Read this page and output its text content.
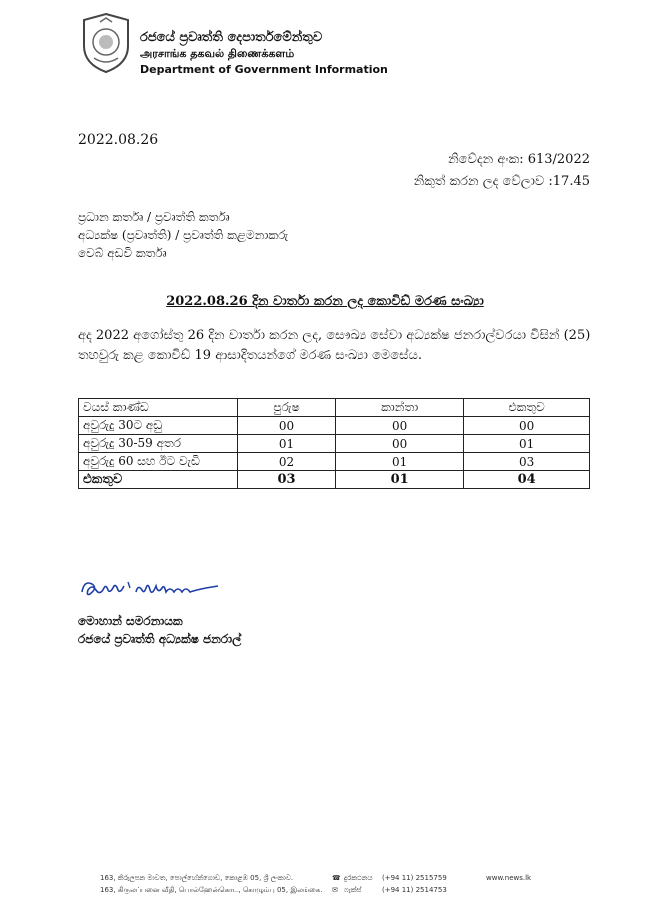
රජයේ ප්‍රවෘත්ති දෙපාර්තමේන්තුව
அரசாங்க தகவல் திணைக்களம்
Department of Government Information
2022.08.26
නිවේදන අංක: 613/2022
නිකුත් කරන ලද වේලාව :17.45
ප්‍රධාන කර්තෘ / ප්‍රවෘත්ති කර්තෘ
අධ්‍යක්ෂ (ප්‍රවෘත්ති) / ප්‍රවෘත්ති කළමනාකරු
වෙබ් අඩවි කර්තෘ
2022.08.26 දින වාර්තා කරන ලද කොවිඩ් මරණ සංඛ්‍යා
අද 2022 අගෝස්තු 26 දින වාර්තා කරන ලද, සෞඛ්‍ය සේවා අධ්‍යක්ෂ ජනරාල්වරයා විසින් (25) තහවුරු කළ කොවිඩ් 19 ආසාදිතයන්ගේ මරණ සංඛ්‍යා මෙසේය.
වයස් කාණ්ඩ	පුරුෂ	කාන්තා	එකතුව
අවුරුදු 30ට අඩු	00	00	00
අවුරුදු 30-59 අතර	01	00	01
අවුරුදු 60 සහ ඊට වැඩි	02	01	03
එකතුව	03	01	04
මොහාන් සමරනායක
රජයේ ප්‍රවෘත්ති අධ්‍යක්ෂ ජනරාල්
163, කිරුලපන මාවත, පොල්හේන්ගොඩ, කොළඹ 05, ශ්‍රී ලංකාව.
163, கிருலப்பனை வீதி, பொல்ஹேன்கொட, கொழும்பு 05, இலங்கை.
☎ දුරකථනය (+94 11) 2515759
✉ ෆැක්ස්	(+94 11) 2514753
www.news.lk
